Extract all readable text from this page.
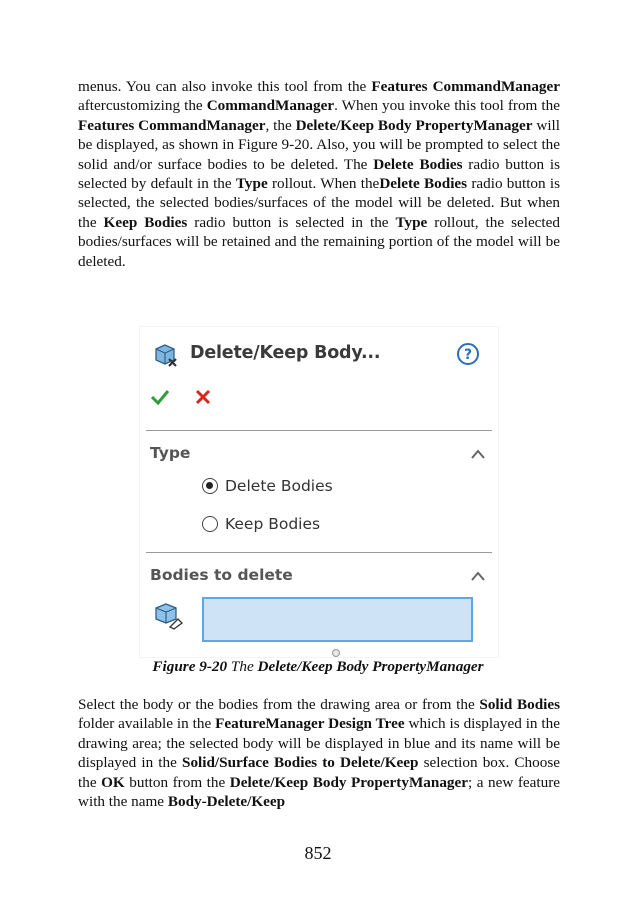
menus. You can also invoke this tool from the Features CommandManager aftercustomizing the CommandManager. When you invoke this tool from the Features CommandManager, the Delete/Keep Body PropertyManager will be displayed, as shown in Figure 9-20. Also, you will be prompted to select the solid and/or surface bodies to be deleted. The Delete Bodies radio button is selected by default in the Type rollout. When theDelete Bodies radio button is selected, the selected bodies/surfaces of the model will be deleted. But when the Keep Bodies radio button is selected in the Type rollout, the selected bodies/surfaces will be retained and the remaining portion of the model will be deleted.

Delete/Keep Body...	?
Type
Delete Bodies
Keep Bodies
Bodies to delete
Figure 9-20 The Delete/Keep Body PropertyManager

Select the body or the bodies from the drawing area or from the Solid Bodies folder available in the FeatureManager Design Tree which is displayed in the drawing area; the selected body will be displayed in blue and its name will be displayed in the Solid/Surface Bodies to Delete/Keep selection box. Choose the OK button from the Delete/Keep Body PropertyManager; a new feature with the name Body-Delete/Keep

852
